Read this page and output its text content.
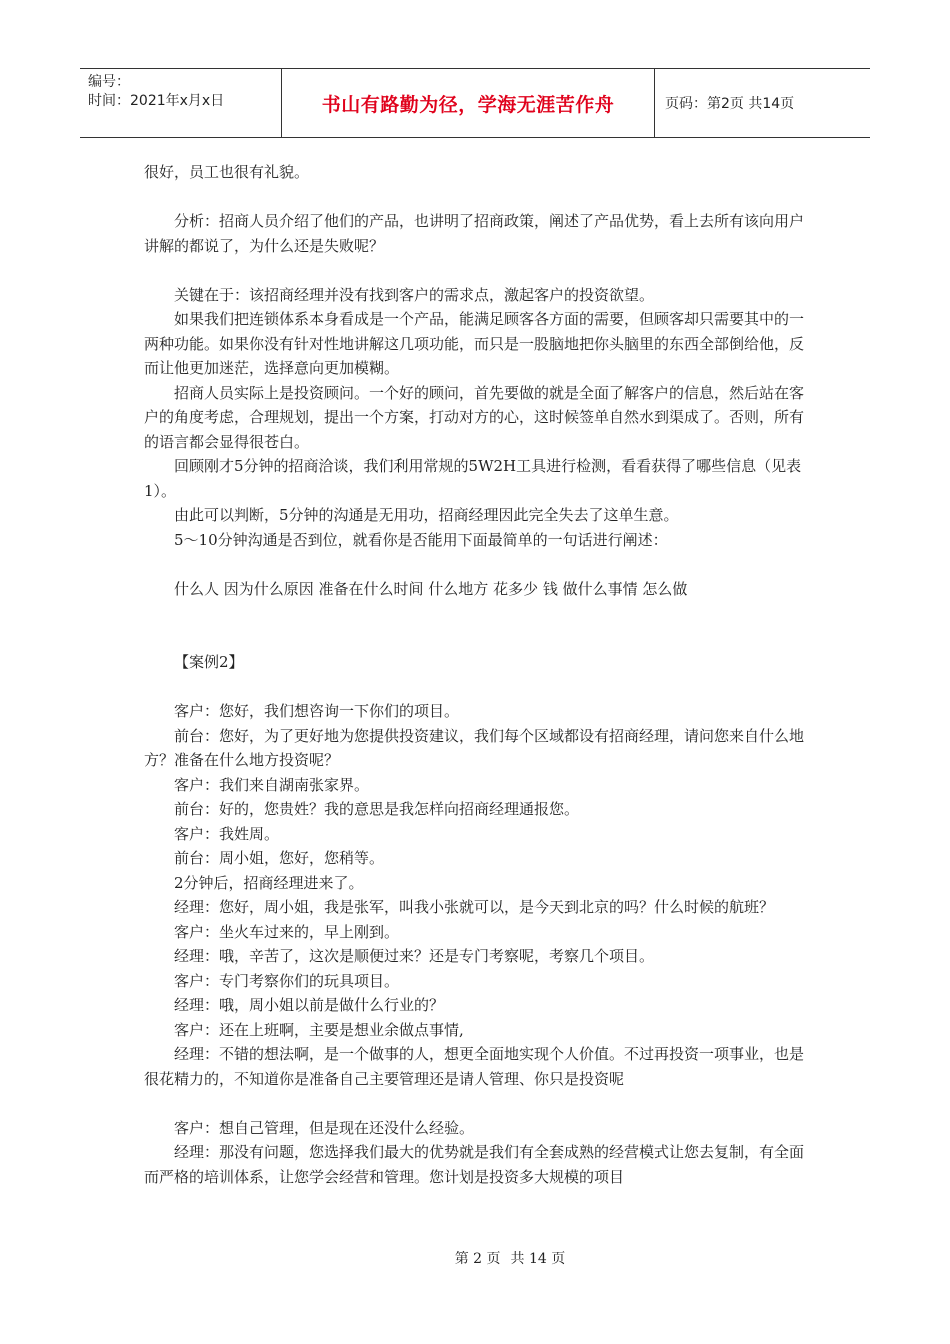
编号：
时间：2021年x月x日	书山有路勤为径，学海无涯苦作舟	页码：第2页 共14页

很好，员工也很有礼貌。

分析：招商人员介绍了他们的产品，也讲明了招商政策，阐述了产品优势，看上去所有该向用户讲解的都说了，为什么还是失败呢？

关键在于：该招商经理并没有找到客户的需求点，激起客户的投资欲望。

如果我们把连锁体系本身看成是一个产品，能满足顾客各方面的需要，但顾客却只需要其中的一两种功能。如果你没有针对性地讲解这几项功能，而只是一股脑地把你头脑里的东西全部倒给他，反而让他更加迷茫，选择意向更加模糊。

招商人员实际上是投资顾问。一个好的顾问，首先要做的就是全面了解客户的信息，然后站在客户的角度考虑，合理规划，提出一个方案，打动对方的心，这时候签单自然水到渠成了。否则，所有的语言都会显得很苍白。

回顾刚才5分钟的招商洽谈，我们利用常规的5W2H工具进行检测，看看获得了哪些信息（见表1）。

由此可以判断，5分钟的沟通是无用功，招商经理因此完全失去了这单生意。

5～10分钟沟通是否到位，就看你是否能用下面最简单的一句话进行阐述：

什么人 因为什么原因 准备在什么时间 什么地方 花多少 钱 做什么事情 怎么做

【案例2】

客户：您好，我们想咨询一下你们的项目。

前台：您好，为了更好地为您提供投资建议，我们每个区域都设有招商经理，请问您来自什么地方？准备在什么地方投资呢？

客户：我们来自湖南张家界。

前台：好的，您贵姓？我的意思是我怎样向招商经理通报您。

客户：我姓周。

前台：周小姐，您好，您稍等。

2分钟后，招商经理进来了。

经理：您好，周小姐，我是张军，叫我小张就可以，是今天到北京的吗？什么时候的航班？

客户：坐火车过来的，早上刚到。

经理：哦，辛苦了，这次是顺便过来？还是专门考察呢，考察几个项目。

客户：专门考察你们的玩具项目。

经理：哦，周小姐以前是做什么行业的？

客户：还在上班啊，主要是想业余做点事情,

经理：不错的想法啊，是一个做事的人，想更全面地实现个人价值。不过再投资一项事业，也是很花精力的，不知道你是准备自己主要管理还是请人管理、你只是投资呢

客户：想自己管理，但是现在还没什么经验。

经理：那没有问题，您选择我们最大的优势就是我们有全套成熟的经营模式让您去复制，有全面而严格的培训体系，让您学会经营和管理。您计划是投资多大规模的项目

第 2 页 共 14 页
